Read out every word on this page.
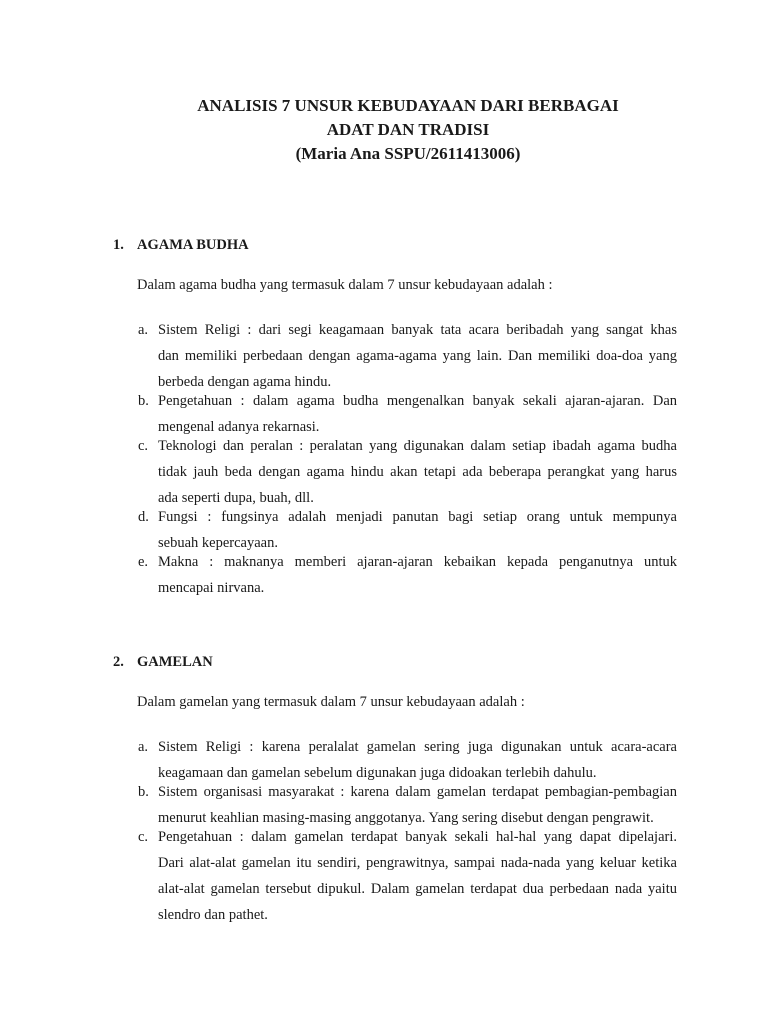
ANALISIS 7 UNSUR KEBUDAYAAN DARI BERBAGAI
ADAT DAN TRADISI
(Maria Ana SSPU/2611413006)
1. AGAMA BUDHA
Dalam agama budha yang termasuk dalam 7 unsur kebudayaan adalah :
a. Sistem Religi : dari segi keagamaan banyak tata acara beribadah yang sangat khas
dan memiliki perbedaan dengan agama-agama yang lain. Dan memiliki doa-doa yang
berbeda dengan agama hindu.
b. Pengetahuan : dalam agama budha mengenalkan banyak sekali ajaran-ajaran. Dan
mengenal adanya rekarnasi.
c. Teknologi dan peralan : peralatan yang digunakan dalam setiap ibadah agama budha
tidak jauh beda dengan agama hindu akan tetapi ada beberapa perangkat yang harus
ada seperti dupa, buah, dll.
d. Fungsi : fungsinya adalah menjadi panutan bagi setiap orang untuk mempunya
sebuah kepercayaan.
e. Makna : maknanya memberi ajaran-ajaran kebaikan kepada penganutnya untuk
mencapai nirvana.
2. GAMELAN
Dalam gamelan yang termasuk dalam 7 unsur kebudayaan adalah :
a. Sistem Religi : karena peralalat gamelan sering juga digunakan untuk acara-acara
keagamaan dan gamelan sebelum digunakan juga didoakan terlebih dahulu.
b. Sistem organisasi masyarakat : karena dalam gamelan terdapat pembagian-pembagian
menurut keahlian masing-masing anggotanya. Yang sering disebut dengan pengrawit.
c. Pengetahuan : dalam gamelan terdapat banyak sekali hal-hal yang dapat dipelajari.
Dari alat-alat gamelan itu sendiri, pengrawitnya, sampai nada-nada yang keluar ketika
alat-alat gamelan tersebut dipukul. Dalam gamelan terdapat dua perbedaan nada yaitu
slendro dan pathet.
